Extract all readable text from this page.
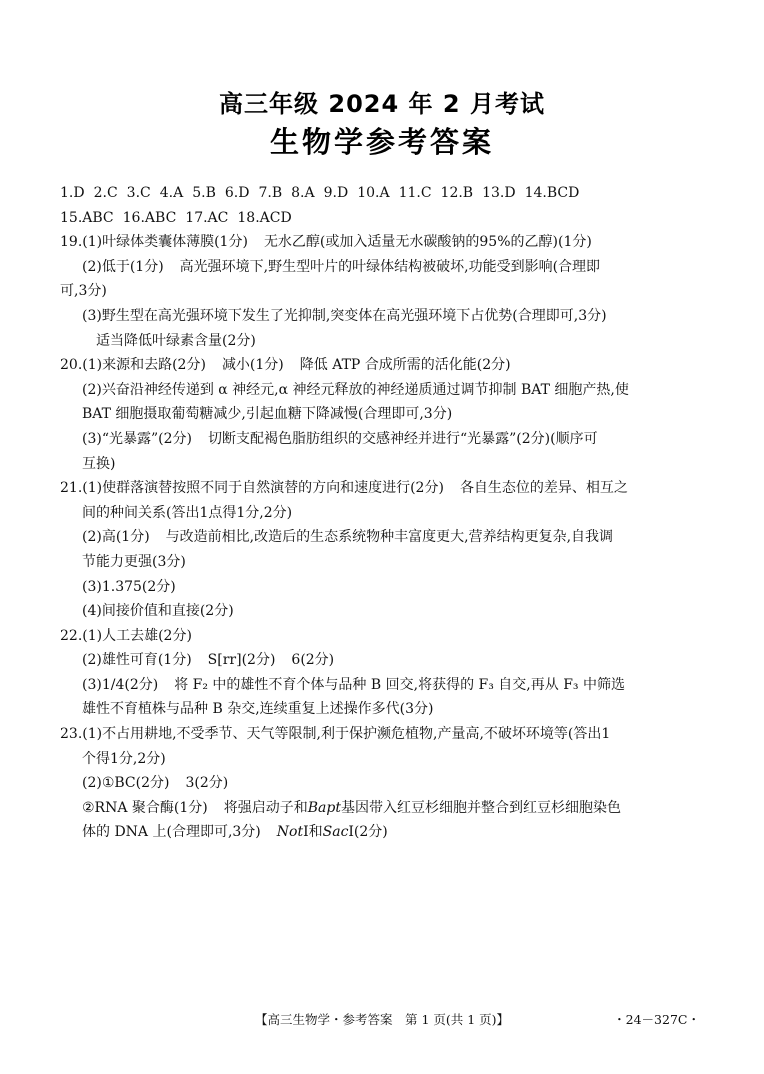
高三年级 2024 年 2 月考试
生物学参考答案
1.D 2.C 3.C 4.A 5.B 6.D 7.B 8.A 9.D 10.A 11.C 12.B 13.D 14.BCD
15.ABC 16.ABC 17.AC 18.ACD
19.(1)叶绿体类囊体薄膜(1分) 无水乙醇(或加入适量无水碳酸钠的95%的乙醇)(1分)
(2)低于(1分) 高光强环境下,野生型叶片的叶绿体结构被破坏,功能受到影响(合理即
可,3分)
(3)野生型在高光强环境下发生了光抑制,突变体在高光强环境下占优势(合理即可,3分)
适当降低叶绿素含量(2分)
20.(1)来源和去路(2分) 减小(1分) 降低 ATP 合成所需的活化能(2分)
(2)兴奋沿神经传递到 α 神经元,α 神经元释放的神经递质通过调节抑制 BAT 细胞产热,使
BAT 细胞摄取葡萄糖减少,引起血糖下降减慢(合理即可,3分)
(3)“光暴露”(2分) 切断支配褐色脂肪组织的交感神经并进行“光暴露”(2分)(顺序可
互换)
21.(1)使群落演替按照不同于自然演替的方向和速度进行(2分) 各自生态位的差异、相互之
间的种间关系(答出1点得1分,2分)
(2)高(1分) 与改造前相比,改造后的生态系统物种丰富度更大,营养结构更复杂,自我调
节能力更强(3分)
(3)1.375(2分)
(4)间接价值和直接(2分)
22.(1)人工去雄(2分)
(2)雄性可育(1分) S[rr](2分) 6(2分)
(3)1/4(2分) 将 F₂ 中的雄性不育个体与品种 B 回交,将获得的 F₃ 自交,再从 F₃ 中筛选
雄性不育植株与品种 B 杂交,连续重复上述操作多代(3分)
23.(1)不占用耕地,不受季节、天气等限制,利于保护濒危植物,产量高,不破坏环境等(答出1
个得1分,2分)
(2)①BC(2分) 3(2分)
②RNA 聚合酶(1分) 将强启动子和Bapt基因带入红豆杉细胞并整合到红豆杉细胞染色
体的 DNA 上(合理即可,3分) NotⅠ和SacⅠ(2分)
【高三生物学・参考答案　第 1 页(共 1 页)】	・24－327C・
